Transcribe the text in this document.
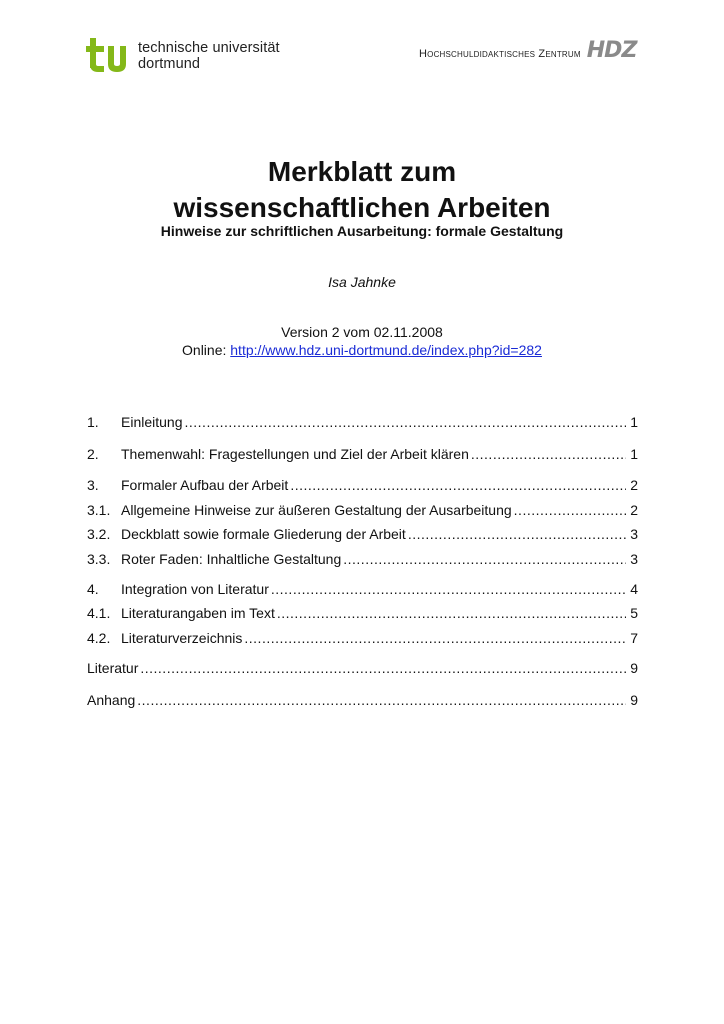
technische universität
dortmund
Hochschuldidaktisches Zentrum HDZ
Merkblatt zum
wissenschaftlichen Arbeiten
Hinweise zur schriftlichen Ausarbeitung: formale Gestaltung
Isa Jahnke
Version 2 vom 02.11.2008
Online: http://www.hdz.uni-dortmund.de/index.php?id=282
1.	Einleitung .....	1
2.	Themenwahl: Fragestellungen und Ziel der Arbeit klären .....	1
3.	Formaler Aufbau der Arbeit .....	2
3.1. Allgemeine Hinweise zur äußeren Gestaltung der Ausarbeitung .....	2
3.2. Deckblatt sowie formale Gliederung der Arbeit .....	3
3.3. Roter Faden: Inhaltliche Gestaltung .....	3
4.	Integration von Literatur .....	4
4.1. Literaturangaben im Text .....	5
4.2. Literaturverzeichnis .....	7
Literatur .....	9
Anhang .....	9
